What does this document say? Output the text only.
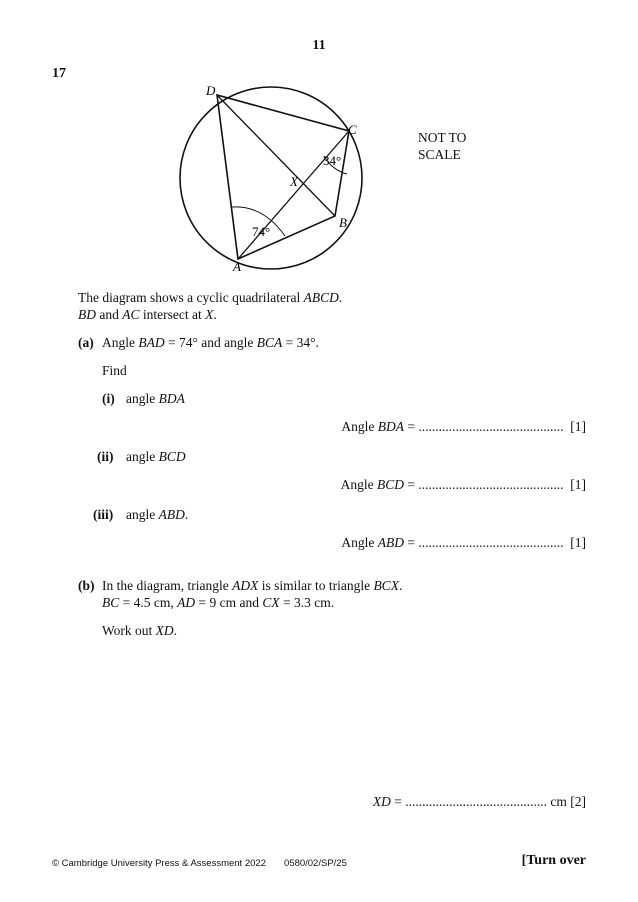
11
17
D
C
B
A
X
74°
34°
NOT TO
SCALE
The diagram shows a cyclic quadrilateral ABCD.
BD and AC intersect at X.
(a) Angle BAD = 74° and angle BCA = 34°.
Find
(i) angle BDA
Angle BDA = ........................................... [1]
(ii) angle BCD
Angle BCD = ........................................... [1]
(iii) angle ABD.
Angle ABD = ........................................... [1]
(b) In the diagram, triangle ADX is similar to triangle BCX.
BC = 4.5 cm, AD = 9 cm and CX = 3.3 cm.
Work out XD.
XD = .......................................... cm [2]
© Cambridge University Press & Assessment 2022 0580/02/SP/25	[Turn over
